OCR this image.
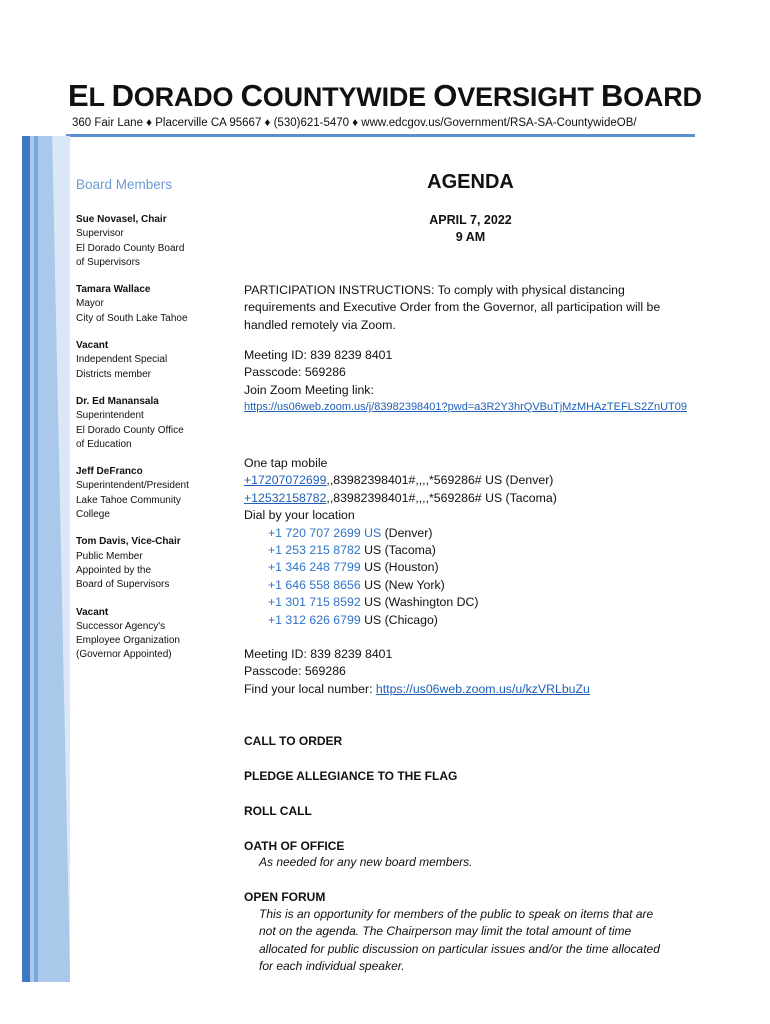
EL DORADO COUNTYWIDE OVERSIGHT BOARD
360 Fair Lane ♦ Placerville CA 95667 ♦ (530)621-5470 ♦ www.edcgov.us/Government/RSA-SA-CountywideOB/
Board Members
Sue Novasel, Chair
Supervisor
El Dorado County Board
of Supervisors
Tamara Wallace
Mayor
City of South Lake Tahoe
Vacant
Independent Special
Districts member
Dr. Ed Manansala
Superintendent
El Dorado County Office
of Education
Jeff DeFranco
Superintendent/President
Lake Tahoe Community
College
Tom Davis, Vice-Chair
Public Member
Appointed by the
Board of Supervisors
Vacant
Successor Agency's
Employee Organization
(Governor Appointed)
AGENDA
APRIL 7, 2022
9 AM
PARTICIPATION INSTRUCTIONS: To comply with physical distancing
requirements and Executive Order from the Governor, all participation will be
handled remotely via Zoom.
Meeting ID: 839 8239 8401
Passcode: 569286
Join Zoom Meeting link:
https://us06web.zoom.us/j/83982398401?pwd=a3R2Y3hrQVBuTjMzMHAzTEFLS2ZnUT09
One tap mobile
+17207072699,,83982398401#,,,,*569286# US (Denver)
+12532158782,,83982398401#,,,,*569286# US (Tacoma)
Dial by your location
+1 720 707 2699 US (Denver)
+1 253 215 8782 US (Tacoma)
+1 346 248 7799 US (Houston)
+1 646 558 8656 US (New York)
+1 301 715 8592 US (Washington DC)
+1 312 626 6799 US (Chicago)
Meeting ID: 839 8239 8401
Passcode: 569286
Find your local number: https://us06web.zoom.us/u/kzVRLbuZu
CALL TO ORDER
PLEDGE ALLEGIANCE TO THE FLAG
ROLL CALL
OATH OF OFFICE
As needed for any new board members.
OPEN FORUM
This is an opportunity for members of the public to speak on items that are
not on the agenda. The Chairperson may limit the total amount of time
allocated for public discussion on particular issues and/or the time allocated
for each individual speaker.
